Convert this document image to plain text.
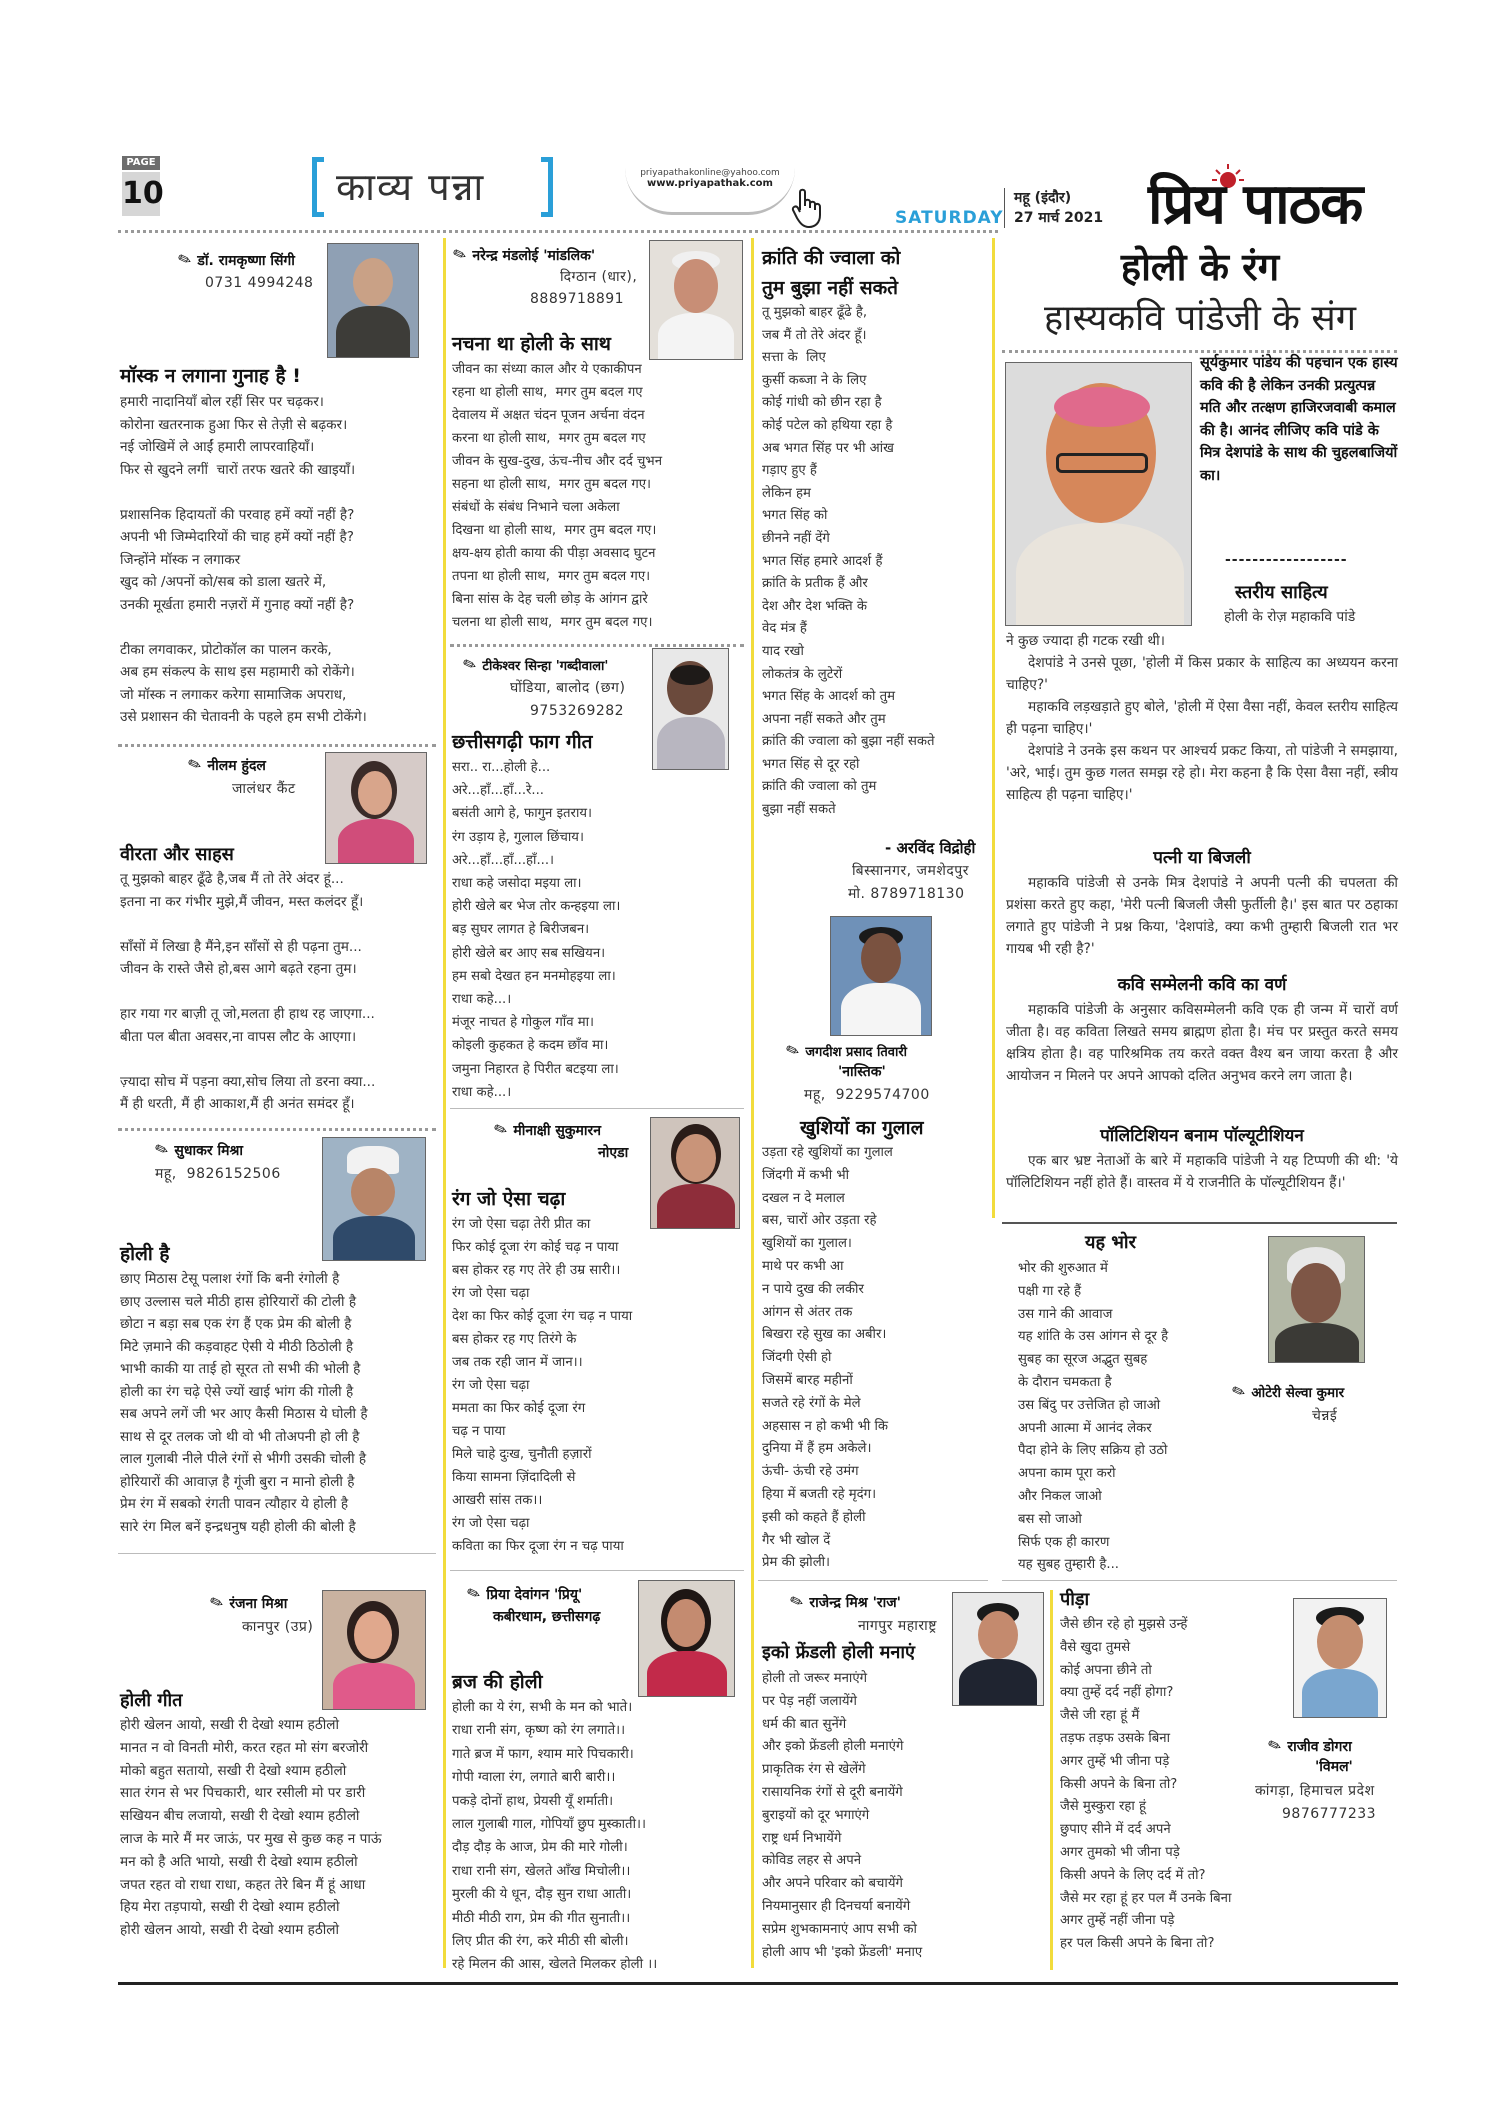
PAGE
10	काव्य पन्ना	priyapathakonline@yahoo.com
www.priyapathak.com
SATURDAY
महू (इंदौर)
27 मार्च 2021 प्रिय पाठक
✎ डॉ. रामकृष्णा सिंगी
0731 4994248
मॉस्क न लगाना गुनाह है !
हमारी नादानियाँ बोल रहीं सिर पर चढ़कर।
कोरोना खतरनाक हुआ फिर से तेज़ी से बढ़कर।
नई जोखिमें ले आईं हमारी लापरवाहियाँ।
फिर से खुदने लगीं  चारों तरफ खतरे की खाइयाँ।

प्रशासनिक हिदायतों की परवाह हमें क्यों नहीं है?
अपनी भी जिम्मेदारियों की चाह हमें क्यों नहीं है?
जिन्होंने मॉस्क न लगाकर
खुद को /अपनों को/सब को डाला खतरे में,
उनकी मूर्खता हमारी नज़रों में गुनाह क्यों नहीं है?

टीका लगवाकर, प्रोटोकॉल का पालन करके,
अब हम संकल्प के साथ इस महामारी को रोकेंगे।
जो मॉस्क न लगाकर करेगा सामाजिक अपराध,
उसे प्रशासन की चेतावनी के पहले हम सभी टोकेंगे।
✎ नीलम हुंदल
जालंधर कैंट
वीरता और साहस
तू मुझको बाहर ढूँढे है,जब मैं तो तेरे अंदर हूं...
इतना ना कर गंभीर मुझे,मैं जीवन, मस्त कलंदर हूँ।

साँसों में लिखा है मैंने,इन साँसों से ही पढ़ना तुम...
जीवन के रास्ते जैसे हो,बस आगे बढ़ते रहना तुम।

हार गया गर बाज़ी तू जो,मलता ही हाथ रह जाएगा...
बीता पल बीता अवसर,ना वापस लौट के आएगा।

ज़्यादा सोच में पड़ना क्या,सोच लिया तो डरना क्या...
मैं ही धरती, मैं ही आकाश,मैं ही अनंत समंदर हूँ।
✎ सुधाकर मिश्रा
महू,  9826152506
होली है
छाए मिठास टेसू पलाश रंगों कि बनी रंगोली है
छाए उल्लास चले मीठी हास होरियारों की टोली है
छोटा न बड़ा सब एक रंग हैं एक प्रेम की बोली है
मिटे ज़माने की कड़वाहट ऐसी ये मीठी ठिठोली है
भाभी काकी या ताई हो सूरत तो सभी की भोली है
होली का रंग चढ़े ऐसे ज्यों खाई भांग की गोली है
सब अपने लगें जी भर आए कैसी मिठास ये घोली है
साथ से दूर तलक जो थी वो भी तोअपनी हो ली है
लाल गुलाबी नीले पीले रंगों से भीगी उसकी चोली है
होरियारों की आवाज़ है गूंजी बुरा न मानो होली है
प्रेम रंग में सबको रंगती पावन त्यौहार ये होली है
सारे रंग मिल बनें इन्द्रधनुष यही होली की बोली है
✎ रंजना मिश्रा
कानपुर (उप्र)
होली गीत
होरी खेलन आयो, सखी री देखो श्याम हठीलो
मानत न वो विनती मोरी, करत रहत मो संग बरजोरी
मोको बहुत सतायो, सखी री देखो श्याम हठीलो
सात रंगन से भर पिचकारी, थार रसीली मो पर डारी
सखियन बीच लजायो, सखी री देखो श्याम हठीलो
लाज के मारे मैं मर जाऊं, पर मुख से कुछ कह न पाऊं
मन को है अति भायो, सखी री देखो श्याम हठीलो
जपत रहत वो राधा राधा, कहत तेरे बिन मैं हूं आधा
हिय मेरा तड़पायो, सखी री देखो श्याम हठीलो
होरी खेलन आयो, सखी री देखो श्याम हठीलो
✎ नरेन्द्र मंडलोई 'मांडलिक'
दिग्ठान (धार),
8889718891
नचना था होली के साथ
जीवन का संध्या काल और ये एकाकीपन
रहना था होली साथ,  मगर तुम बदल गए
देवालय में अक्षत चंदन पूजन अर्चना वंदन
करना था होली साथ,  मगर तुम बदल गए
जीवन के सुख-दुख, ऊंच-नीच और दर्द चुभन
सहना था होली साथ,  मगर तुम बदल गए।
संबंधों के संबंध निभाने चला अकेला
दिखना था होली साथ,  मगर तुम बदल गए।
क्षय-क्षय होती काया की पीड़ा अवसाद घुटन
तपना था होली साथ,  मगर तुम बदल गए।
बिना सांस के देह चली छोड़ के आंगन द्वारे
चलना था होली साथ,  मगर तुम बदल गए।
✎ टीकेश्वर सिन्हा 'गब्दीवाला'
घोंडिया, बालोद (छग)
9753269282
छत्तीसगढ़ी फाग गीत
सरा.. रा...होली हे...
अरे...हाँ...हाँ...रे...
बसंती आगे हे, फागुन इतराय।
रंग उड़ाय हे, गुलाल छिंचाय।
अरे...हाँ...हाँ...हाँ...।
राधा कहे जसोदा मइया ला।
होरी खेले बर भेज तोर कन्हइया ला।
बड़ सुघर लागत हे बिरीजबन।
होरी खेले बर आए सब सखियन।
हम सबो देखत हन मनमोहइया ला।
राधा कहे...।
मंजूर नाचत हे गोकुल गाँव मा।
कोइली कुहकत हे कदम छाँव मा।
जमुना निहारत हे पिरीत बटइया ला।
राधा कहे...।
✎ मीनाक्षी सुकुमारन
नोएडा
रंग जो ऐसा चढ़ा
रंग जो ऐसा चढ़ा तेरी प्रीत का
फिर कोई दूजा रंग कोई चढ़ न पाया
बस होकर रह गए तेरे ही उम्र सारी।।
रंग जो ऐसा चढ़ा
देश का फिर कोई दूजा रंग चढ़ न पाया
बस होकर रह गए तिरंगे के
जब तक रही जान में जान।।
रंग जो ऐसा चढ़ा
ममता का फिर कोई दूजा रंग
चढ़ न पाया
मिले चाहे दुःख, चुनौती हज़ारों
किया सामना ज़िंदादिली से
आखरी सांस तक।।
रंग जो ऐसा चढ़ा
कविता का फिर दूजा रंग न चढ़ पाया
✎ प्रिया देवांगन 'प्रियू'
कबीरधाम, छत्तीसगढ़
ब्रज की होली
होली का ये रंग, सभी के मन को भाते।
राधा रानी संग, कृष्ण को रंग लगाते।।
गाते ब्रज में फाग, श्याम मारे पिचकारी।
गोपी ग्वाला रंग, लगाते बारी बारी।।
पकड़े दोनों हाथ, प्रेयसी यूँ शर्माती।
लाल गुलाबी गाल, गोपियाँ छुप मुस्काती।।
दौड़ दौड़ के आज, प्रेम की मारे गोली।
राधा रानी संग, खेलते आँख मिचोली।।
मुरली की ये धून, दौड़ सुन राधा आती।
मीठी मीठी राग, प्रेम की गीत सुनाती।।
लिए प्रीत की रंग, करे मीठी सी बोली।
रहे मिलन की आस, खेलते मिलकर होली ।।
क्रांति की ज्वाला को
तुम बुझा नहीं सकते
तू मुझको बाहर ढूँढे है,
जब मैं तो तेरे अंदर हूँ।
सत्ता के  लिए
कुर्सी कब्जा ने के लिए
कोई गांधी को छीन रहा है
कोई पटेल को हथिया रहा है
अब भगत सिंह पर भी आंख
गड़ाए हुए हैं
लेकिन हम
भगत सिंह को
छीनने नहीं देंगे
भगत सिंह हमारे आदर्श हैं
क्रांति के प्रतीक हैं और
देश और देश भक्ति के
वेद मंत्र हैं
याद रखो
लोकतंत्र के लुटेरों
भगत सिंह के आदर्श को तुम
अपना नहीं सकते और तुम
क्रांति की ज्वाला को बुझा नहीं सकते
भगत सिंह से दूर रहो
क्रांति की ज्वाला को तुम
बुझा नहीं सकते
- अरविंद विद्रोही
बिस्सानगर, जमशेदपुर
मो. 8789718130
✎ जगदीश प्रसाद तिवारी
'नास्तिक'
महू,  9229574700
खुशियों का गुलाल
उड़ता रहे खुशियों का गुलाल
जिंदगी में कभी भी
दखल न दे मलाल
बस, चारों ओर उड़ता रहे
खुशियों का गुलाल।
माथे पर कभी आ
न पाये दुख की लकीर
आंगन से अंतर तक
बिखरा रहे सुख का अबीर।
जिंदगी ऐसी हो
जिसमें बारह महीनों
सजते रहे रंगों के मेले
अहसास न हो कभी भी कि
दुनिया में हैं हम अकेले।
ऊंची- ऊंची रहे उमंग
हिया में बजती रहे मृदंग।
इसी को कहते हैं होली
गैर भी खोल दें
प्रेम की झोली।
✎ राजेन्द्र मिश्र 'राज'
नागपुर महाराष्ट्र
इको फ्रेंडली होली मनाएं
होली तो जरूर मनाएंगे
पर पेड़ नहीं जलायेंगे
धर्म की बात सुनेंगे
और इको फ्रेंडली होली मनाएंगे
प्राकृतिक रंग से खेलेंगे
रासायनिक रंगों से दूरी बनायेंगे
बुराइयों को दूर भगाएंगे
राष्ट्र धर्म निभायेंगे
कोविड लहर से अपने
और अपने परिवार को बचायेंगे
नियमानुसार ही दिनचर्या बनायेंगे
सप्रेम शुभकामनाएं आप सभी को
होली आप भी 'इको फ्रेंडली' मनाए
होली के रंग
हास्यकवि पांडेजी के संग
सूर्यकुमार पांडेय की पहचान एक हास्य कवि की है लेकिन उनकी प्रत्युत्पन्न मति और तत्क्षण हाजिरजवाबी कमाल की है। आनंद लीजिए कवि पांडे के मित्र देशपांडे के साथ की चुहलबाजियों का।
------------------
स्तरीय साहित्य
होली के रोज़ महाकवि पांडे
ने कुछ ज्यादा ही गटक रखी थी।
देशपांडे ने उनसे पूछा, 'होली में किस प्रकार के साहित्य का अध्ययन करना चाहिए?'
महाकवि लड़खड़ाते हुए बोले, 'होली में ऐसा वैसा नहीं, केवल स्तरीय साहित्य ही पढ़ना चाहिए।'
देशपांडे ने उनके इस कथन पर आश्चर्य प्रकट किया, तो पांडेजी ने समझाया, 'अरे, भाई। तुम कुछ गलत समझ रहे हो। मेरा कहना है कि ऐसा वैसा नहीं, स्त्रीय साहित्य ही पढ़ना चाहिए।'
पत्नी या बिजली
महाकवि पांडेजी से उनके मित्र देशपांडे ने अपनी पत्नी की चपलता की प्रशंसा करते हुए कहा, 'मेरी पत्नी बिजली जैसी फुर्तीली है।' इस बात पर ठहाका लगाते हुए पांडेजी ने प्रश्न किया, 'देशपांडे, क्या कभी तुम्हारी बिजली रात भर गायब भी रही है?'
कवि सम्मेलनी कवि का वर्ण
महाकवि पांडेजी के अनुसार कविसम्मेलनी कवि एक ही जन्म में चारों वर्ण जीता है। वह कविता लिखते समय ब्राह्मण होता है। मंच पर प्रस्तुत करते समय क्षत्रिय होता है। वह पारिश्रमिक तय करते वक्त वैश्य बन जाया करता है और आयोजन न मिलने पर अपने आपको दलित अनुभव करने लग जाता है।
पॉलिटिशियन बनाम पॉल्यूटीशियन
एक बार भ्रष्ट नेताओं के बारे में महाकवि पांडेजी ने यह टिप्पणी की थी: 'ये पॉलिटिशियन नहीं होते हैं। वास्तव में ये राजनीति के पॉल्यूटीशियन हैं।'
यह भोर
भोर की शुरुआत में
पक्षी गा रहे हैं
उस गाने की आवाज
यह शांति के उस आंगन से दूर है
सुबह का सूरज अद्भुत सुबह
के दौरान चमकता है
उस बिंदु पर उत्तेजित हो जाओ
अपनी आत्मा में आनंद लेकर
पैदा होने के लिए सक्रिय हो उठो
अपना काम पूरा करो
और निकल जाओ
बस सो जाओ
सिर्फ एक ही कारण
यह सुबह तुम्हारी है...
✎ ओटेरी सेल्वा कुमार
चेन्नई
पीड़ा
जैसे छीन रहे हो मुझसे उन्हें
वैसे खुदा तुमसे
कोई अपना छीने तो
क्या तुम्हें दर्द नहीं होगा?
जैसे जी रहा हूं मैं
तड़फ तड़फ उसके बिना
अगर तुम्हें भी जीना पड़े
किसी अपने के बिना तो?
जैसे मुस्कुरा रहा हूं
छुपाए सीने में दर्द अपने
अगर तुमको भी जीना पड़े
किसी अपने के लिए दर्द में तो?
जैसे मर रहा हूं हर पल मैं उनके बिना
अगर तुम्हें नहीं जीना पड़े
हर पल किसी अपने के बिना तो?
✎ राजीव डोगरा
'विमल'
कांगड़ा, हिमाचल प्रदेश
9876777233
